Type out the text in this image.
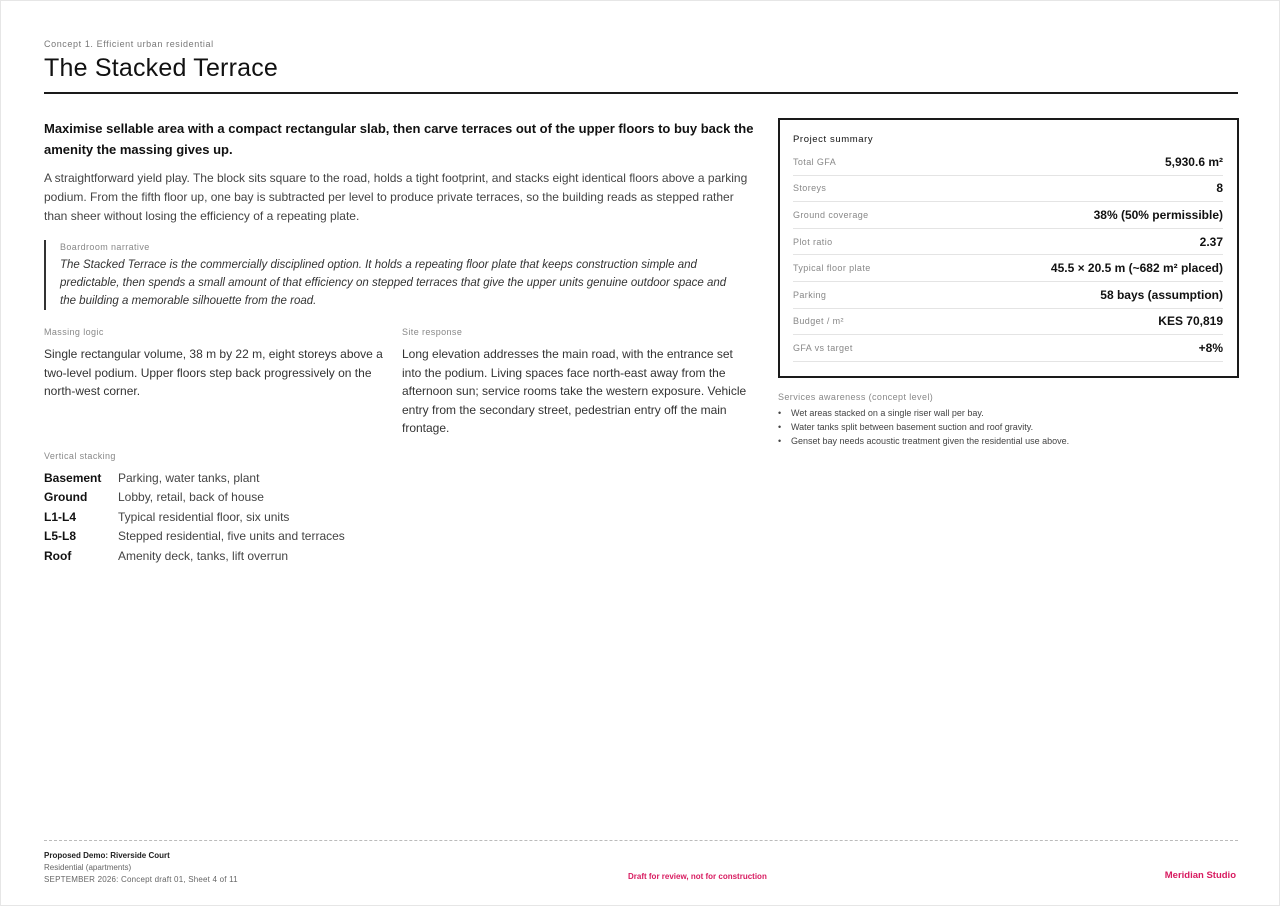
Concept 1. Efficient urban residential
The Stacked Terrace

Maximise sellable area with a compact rectangular slab, then carve terraces out of the upper floors to buy back the amenity the massing gives up.

A straightforward yield play. The block sits square to the road, holds a tight footprint, and stacks eight identical floors above a parking podium. From the fifth floor up, one bay is subtracted per level to produce private terraces, so the building reads as stepped rather than sheer without losing the efficiency of a repeating plate.

Boardroom narrative

The Stacked Terrace is the commercially disciplined option. It holds a repeating floor plate that keeps construction simple and predictable, then spends a small amount of that efficiency on stepped terraces that give the upper units genuine outdoor space and the building a memorable silhouette from the road.

Massing logic

Single rectangular volume, 38 m by 22 m, eight storeys above a two-level podium. Upper floors step back progressively on the north-west corner.

Site response

Long elevation addresses the main road, with the entrance set into the podium. Living spaces face north-east away from the afternoon sun; service rooms take the western exposure. Vehicle entry from the secondary street, pedestrian entry off the main frontage.

Vertical stacking
Basement	Parking, water tanks, plant
Ground	Lobby, retail, back of house
L1-L4	Typical residential floor, six units
L5-L8	Stepped residential, five units and terraces
Roof	Amenity deck, tanks, lift overrun
Project summary
Total GFA	5,930.6 m²
Storeys	8
Ground coverage	38% (50% permissible)
Plot ratio	2.37
Typical floor plate	45.5 × 20.5 m (~682 m² placed)
Parking	58 bays (assumption)
Budget / m²	KES 70,819
GFA vs target	+8%
Services awareness (concept level)
• Wet areas stacked on a single riser wall per bay.
• Water tanks split between basement suction and roof gravity.
• Genset bay needs acoustic treatment given the residential use above.
Proposed Demo: Riverside Court
Residential (apartments)
SEPTEMBER 2026: Concept draft 01, Sheet 4 of 11	Draft for review, not for construction	Meridian Studio
